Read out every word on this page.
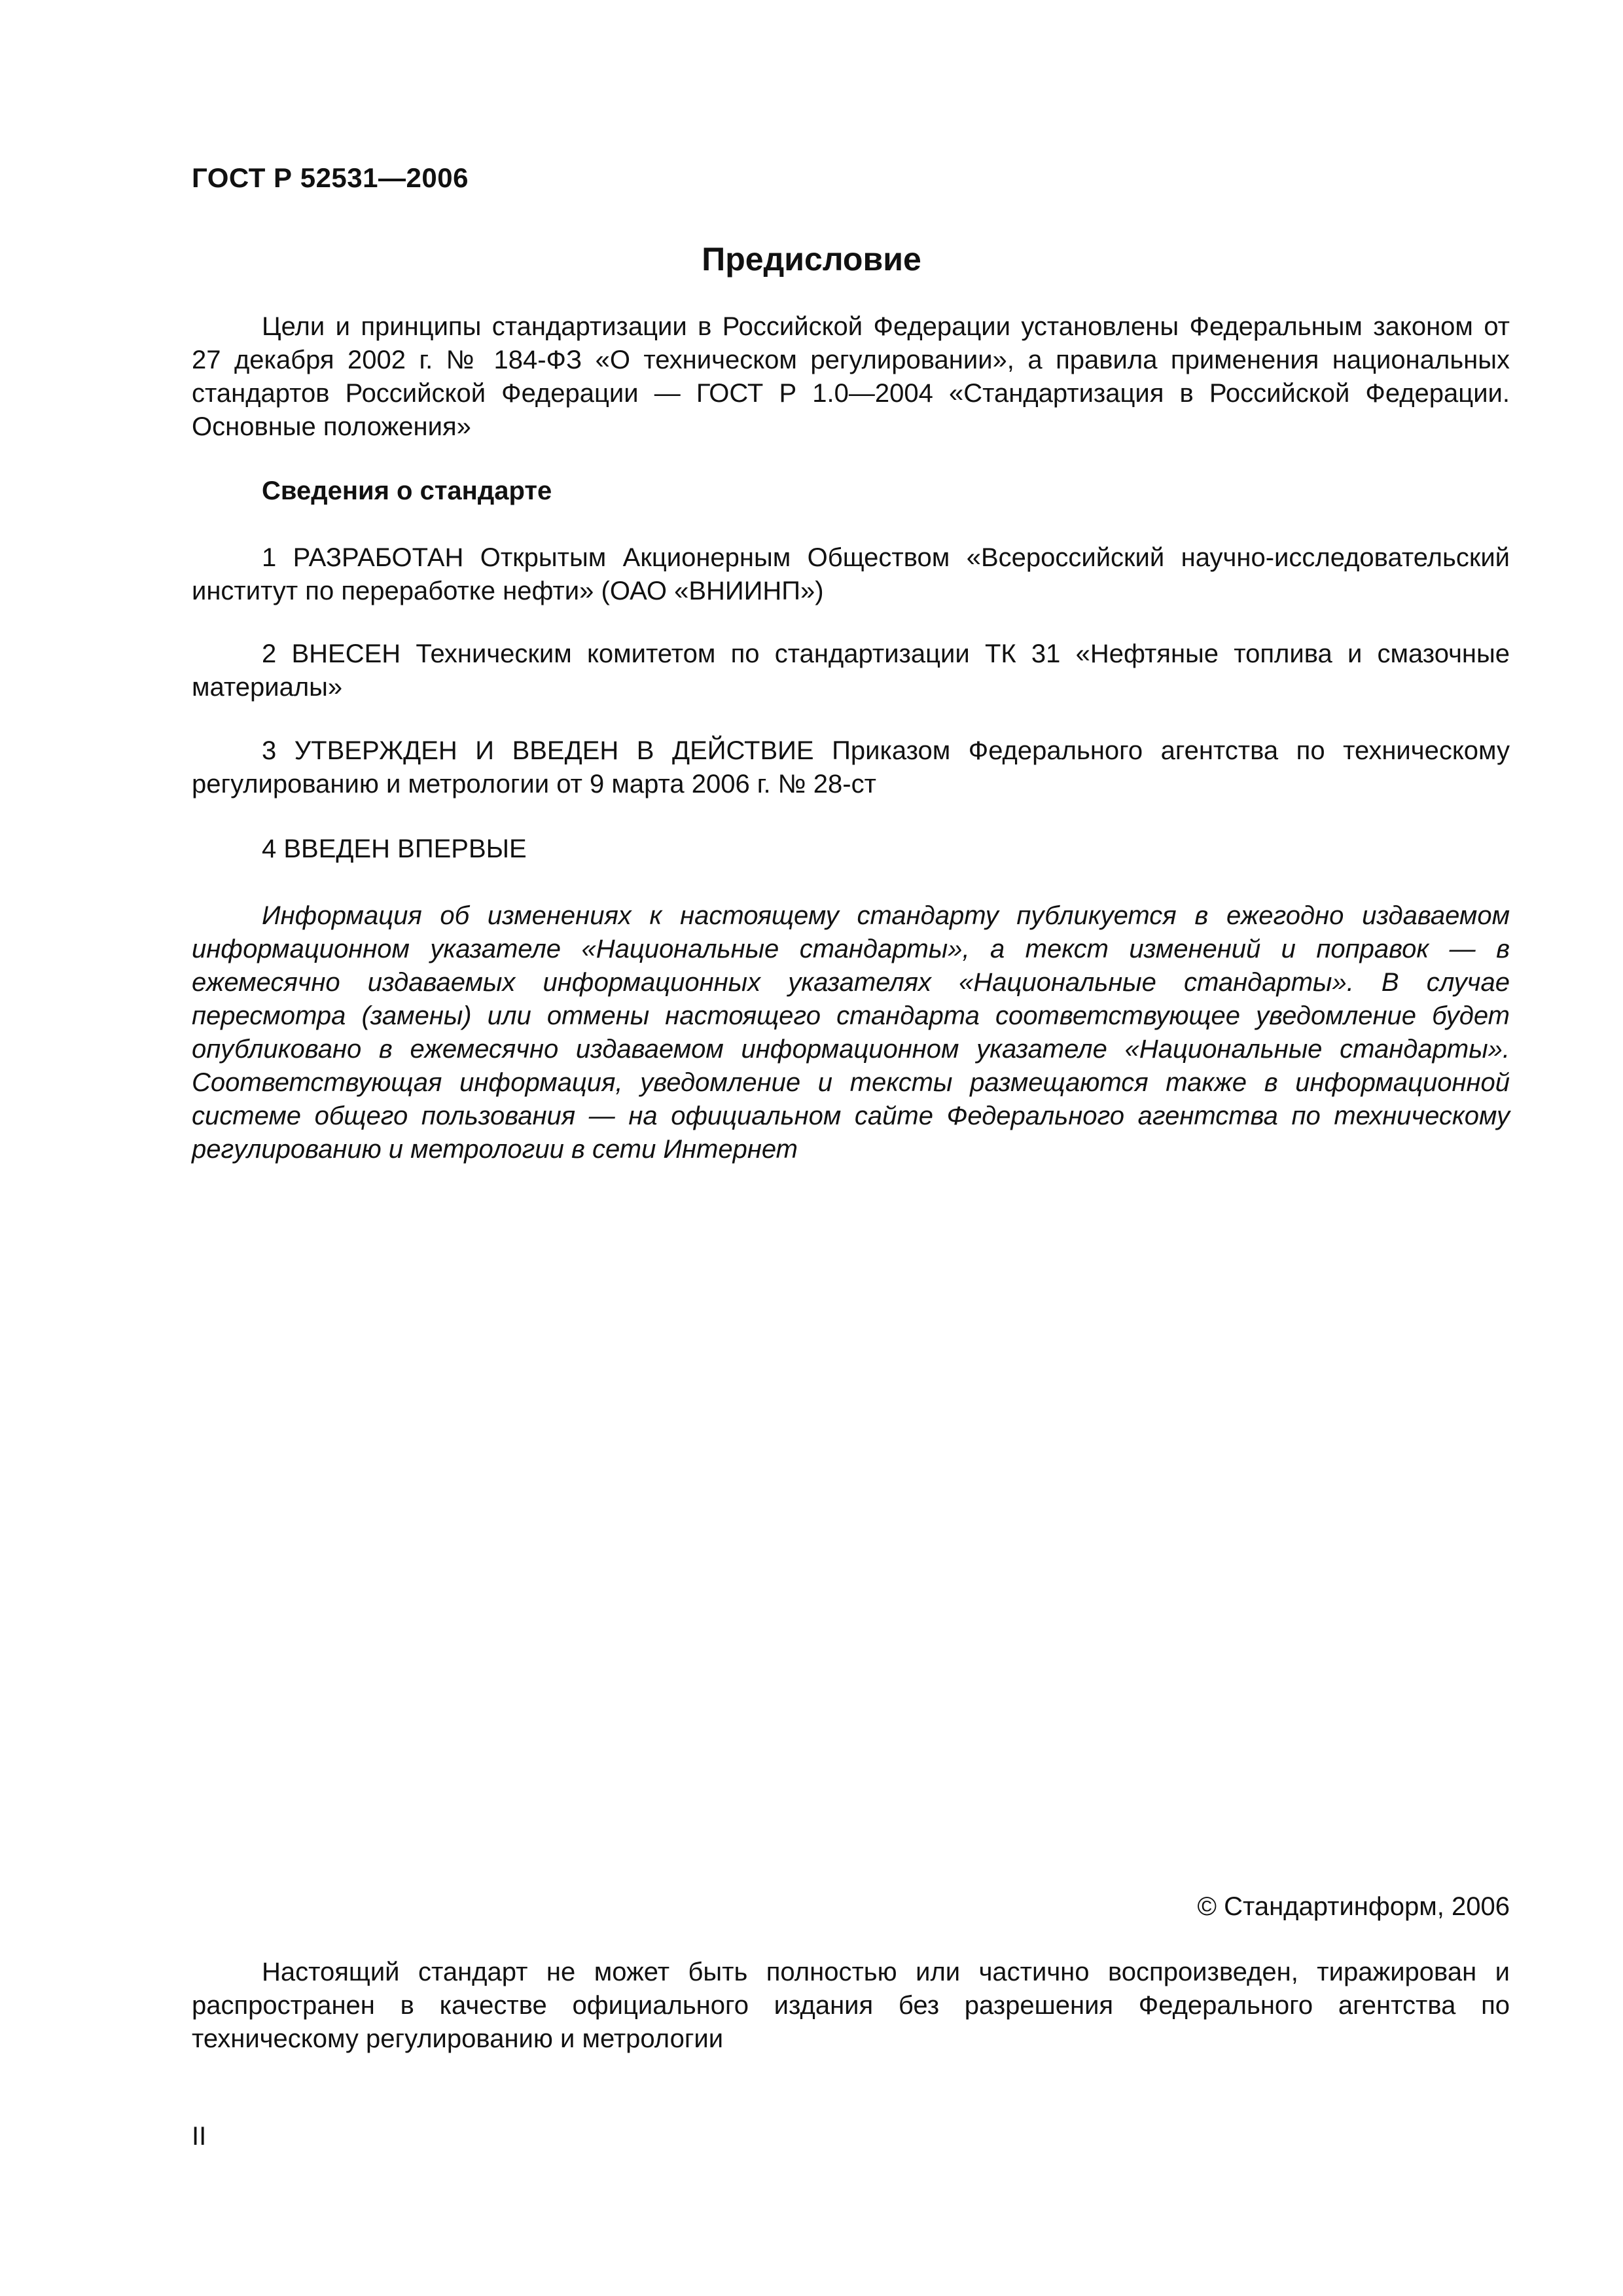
ГОСТ Р 52531—2006
Предисловие

Цели и принципы стандартизации в Российской Федерации установлены Федеральным законом от 27 декабря 2002 г. № 184-ФЗ «О техническом регулировании», а правила применения национальных стандартов Российской Федерации — ГОСТ Р 1.0—2004 «Стандартизация в Российской Федерации. Основные положения»

Сведения о стандарте

1 РАЗРАБОТАН Открытым Акционерным Обществом «Всероссийский научно-исследовательский институт по переработке нефти» (ОАО «ВНИИНП»)

2 ВНЕСЕН Техническим комитетом по стандартизации ТК 31 «Нефтяные топлива и смазочные материалы»

3 УТВЕРЖДЕН И ВВЕДЕН В ДЕЙСТВИЕ Приказом Федерального агентства по техническому регулированию и метрологии от 9 марта 2006 г. № 28-ст

4 ВВЕДЕН ВПЕРВЫЕ

Информация об изменениях к настоящему стандарту публикуется в ежегодно издаваемом информационном указателе «Национальные стандарты», а текст изменений и поправок — в ежемесячно издаваемых информационных указателях «Национальные стандарты». В случае пересмотра (замены) или отмены настоящего стандарта соответствующее уведомление будет опубликовано в ежемесячно издаваемом информационном указателе «Национальные стандарты». Соответствующая информация, уведомление и тексты размещаются также в информационной системе общего пользования — на официальном сайте Федерального агентства по техническому регулированию и метрологии в сети Интернет

© Стандартинформ, 2006

Настоящий стандарт не может быть полностью или частично воспроизведен, тиражирован и распространен в качестве официального издания без разрешения Федерального агентства по техническому регулированию и метрологии

II
